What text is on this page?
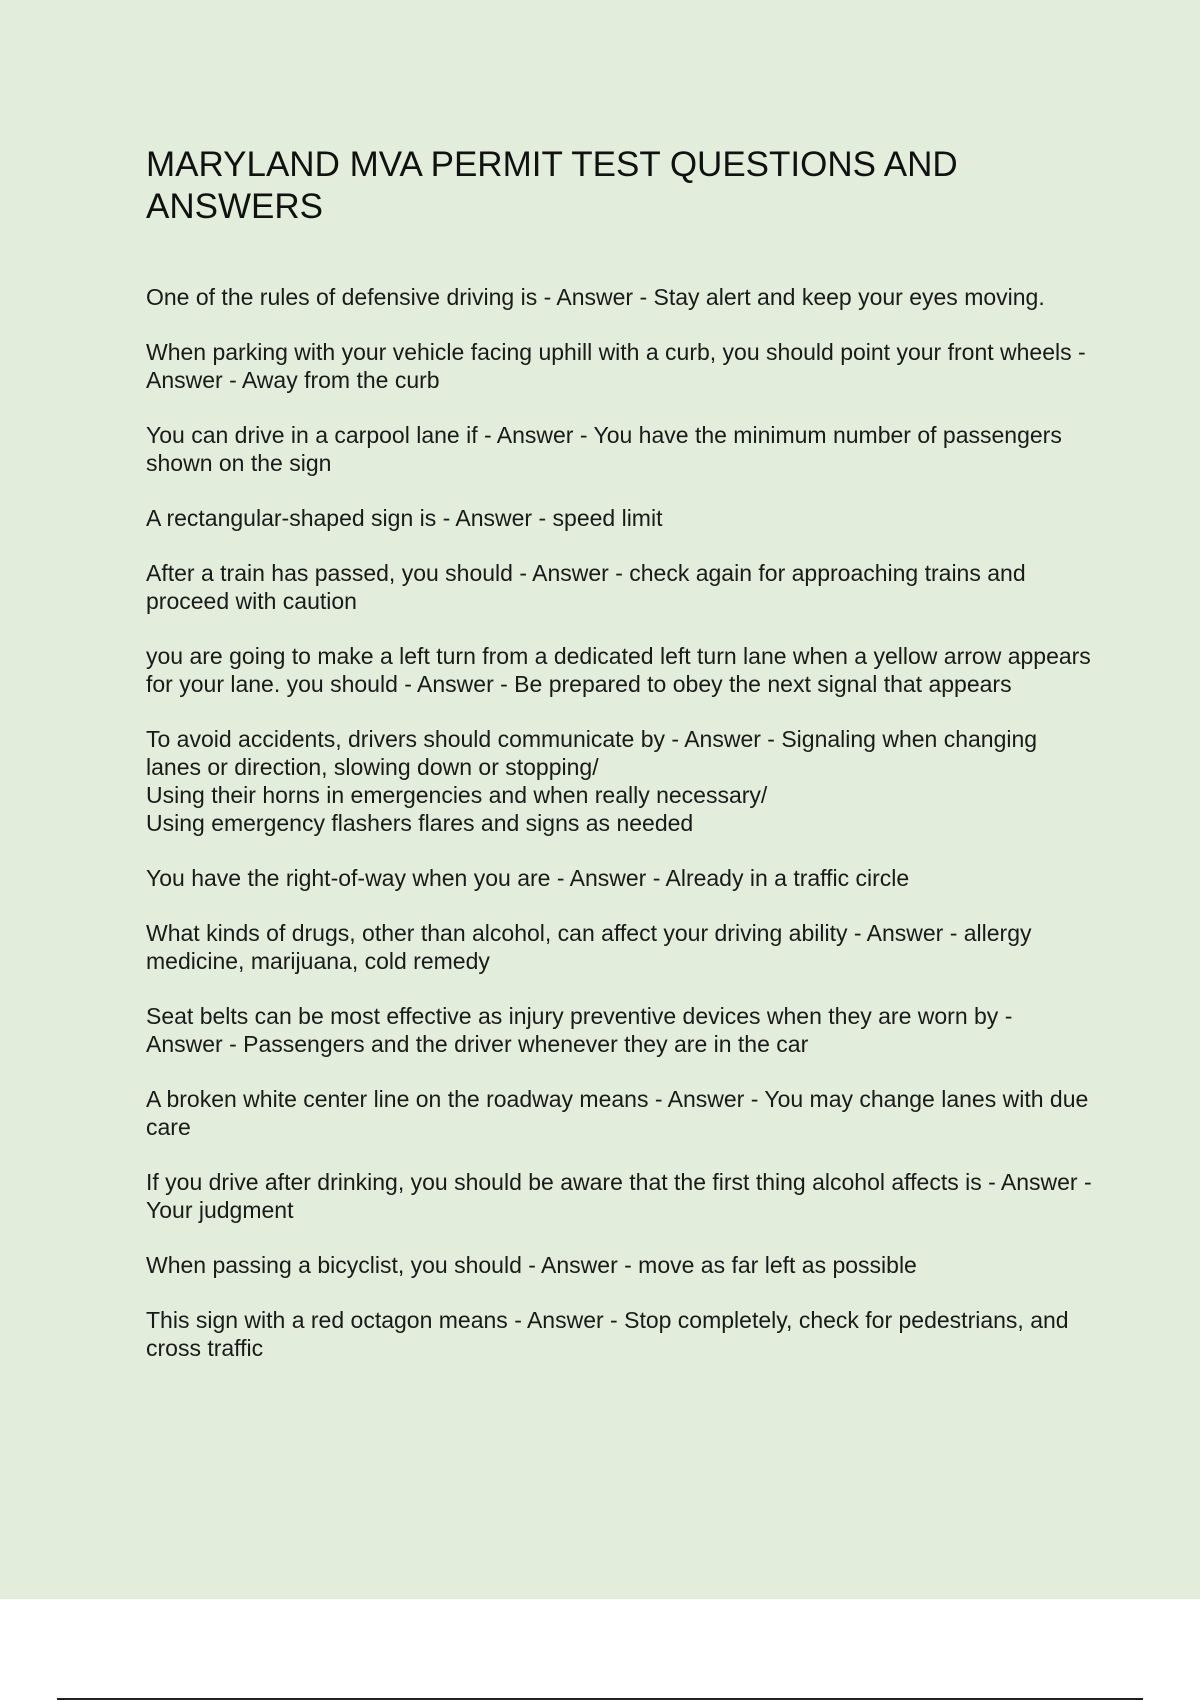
MARYLAND MVA PERMIT TEST QUESTIONS AND ANSWERS
One of the rules of defensive driving is - Answer - Stay alert and keep your eyes moving.
When parking with your vehicle facing uphill with a curb, you should point your front wheels - Answer - Away from the curb
You can drive in a carpool lane if - Answer - You have the minimum number of passengers shown on the sign
A rectangular-shaped sign is - Answer - speed limit
After a train has passed, you should - Answer - check again for approaching trains and proceed with caution
you are going to make a left turn from a dedicated left turn lane when a yellow arrow appears for your lane. you should - Answer - Be prepared to obey the next signal that appears
To avoid accidents, drivers should communicate by - Answer - Signaling when changing lanes or direction, slowing down or stopping/
Using their horns in emergencies and when really necessary/
Using emergency flashers flares and signs as needed
You have the right-of-way when you are - Answer - Already in a traffic circle
What kinds of drugs, other than alcohol, can affect your driving ability - Answer - allergy medicine, marijuana, cold remedy
Seat belts can be most effective as injury preventive devices when they are worn by - Answer - Passengers and the driver whenever they are in the car
A broken white center line on the roadway means - Answer - You may change lanes with due care
If you drive after drinking, you should be aware that the first thing alcohol affects is - Answer - Your judgment
When passing a bicyclist, you should - Answer - move as far left as possible
This sign with a red octagon means - Answer - Stop completely, check for pedestrians, and cross traffic
